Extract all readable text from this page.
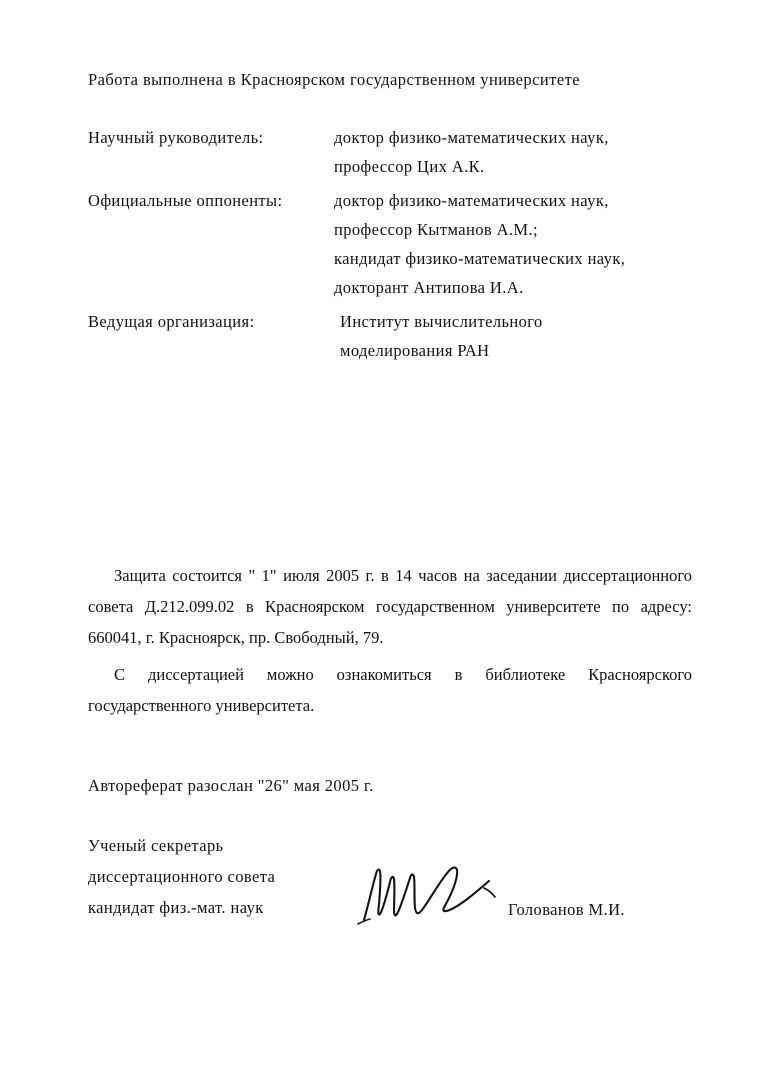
Работа выполнена в Красноярском государственном университете
Научный руководитель:	доктор физико-математических наук,
профессор Цих А.К.
Официальные оппоненты:	доктор физико-математических наук,
профессор Кытманов А.М.;
кандидат физико-математических наук,
докторант Антипова И.А.
Ведущая организация:	Институт вычислительного
моделирования РАН

Защита состоится " 1" июля 2005 г. в 14 часов на заседании диссертационного совета Д.212.099.02 в Красноярском государственном университете по адресу: 660041, г. Красноярск, пр. Свободный, 79.

С диссертацией можно ознакомиться в библиотеке Красноярского государственного университета.

Автореферат разослан "26" мая 2005 г.
Ученый секретарь
диссертационного совета
кандидат физ.-мат. наук	Голованов М.И.
